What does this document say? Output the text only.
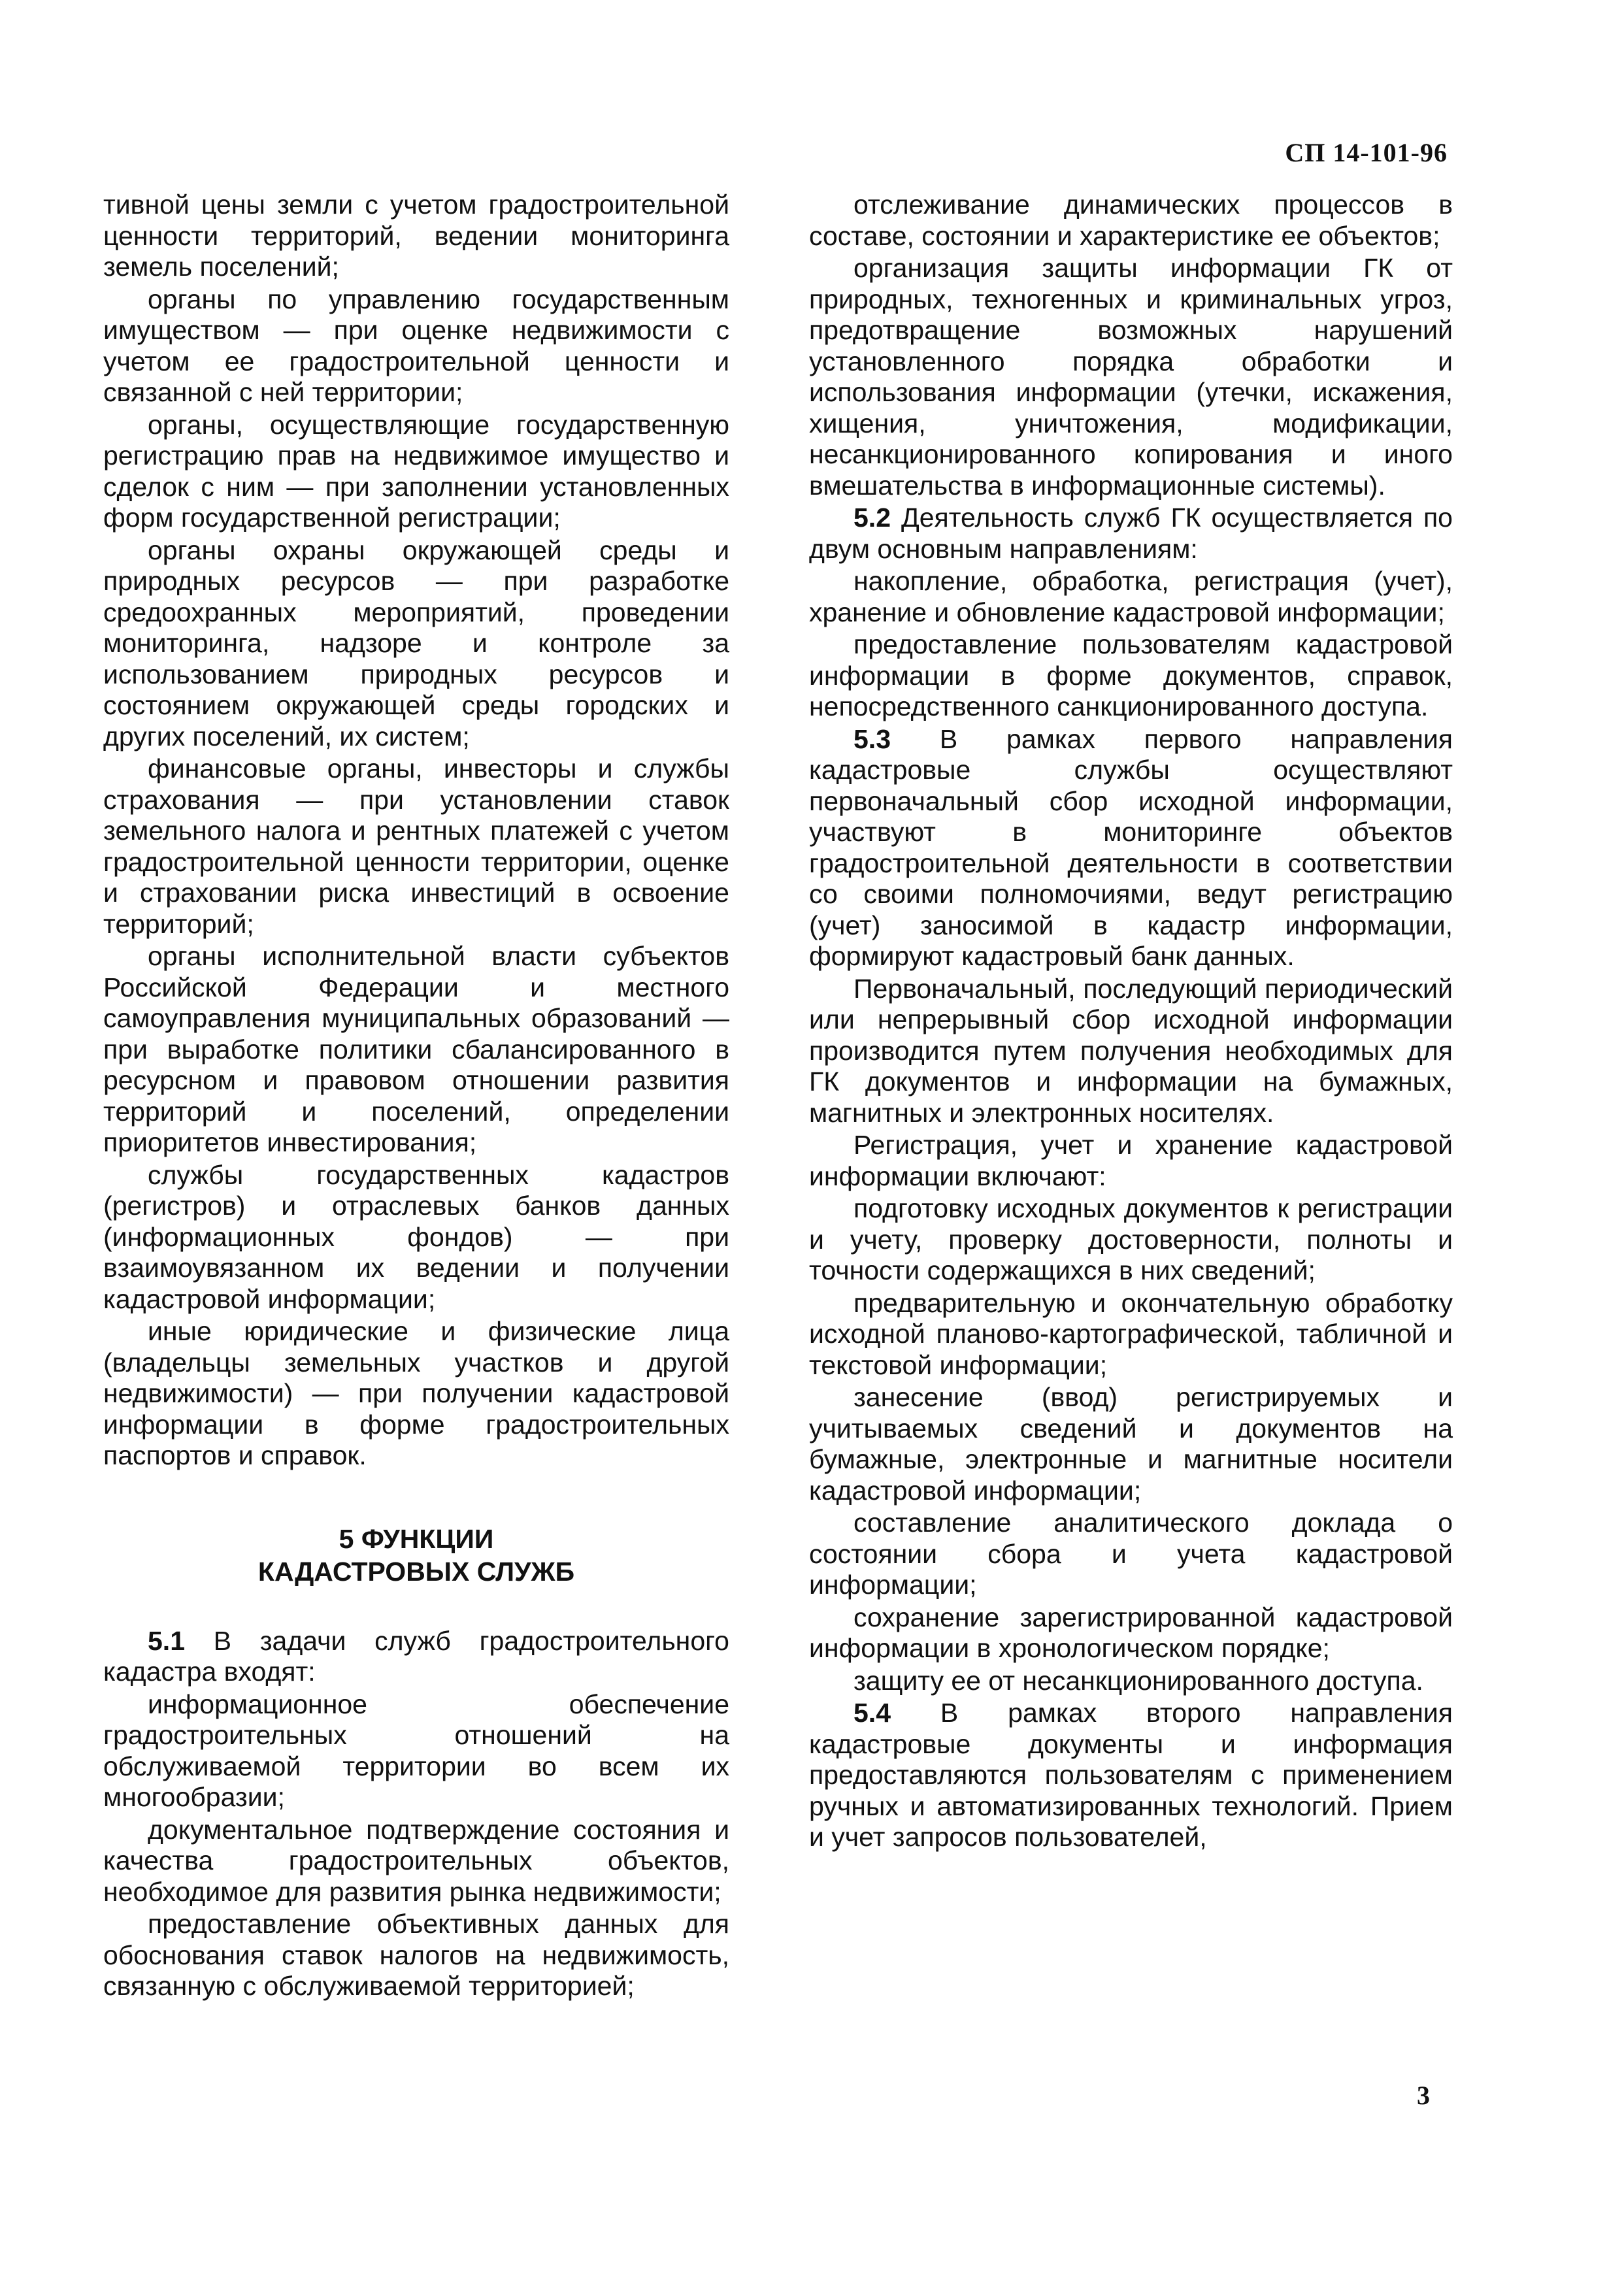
СП 14-101-96

тивной цены земли с учетом градостроительной ценности территорий, ведении мониторинга земель поселений;

органы по управлению государственным имуществом — при оценке недвижимости с учетом ее градостроительной ценности и связанной с ней территории;

органы, осуществляющие государственную регистрацию прав на недвижимое имущество и сделок с ним — при заполнении установленных форм государственной регистрации;

органы охраны окружающей среды и природных ресурсов — при разработке средоохранных мероприятий, проведении мониторинга, надзоре и контроле за использованием природных ресурсов и состоянием окружающей среды городских и других поселений, их систем;

финансовые органы, инвесторы и службы страхования — при установлении ставок земельного налога и рентных платежей с учетом градостроительной ценности территории, оценке и страховании риска инвестиций в освоение территорий;

органы исполнительной власти субъектов Российской Федерации и местного самоуправления муниципальных образований — при выработке политики сбалансированного в ресурсном и правовом отношении развития территорий и поселений, определении приоритетов инвестирования;

службы государственных кадастров (регистров) и отраслевых банков данных (информационных фондов) — при взаимоувязанном их ведении и получении кадастровой информации;

иные юридические и физические лица (владельцы земельных участков и другой недвижимости) — при получении кадастровой информации в форме градостроительных паспортов и справок.

5 ФУНКЦИИ
КАДАСТРОВЫХ СЛУЖБ

5.1 В задачи служб градостроительного кадастра входят:

информационное обеспечение градостроительных отношений на обслуживаемой территории во всем их многообразии;

документальное подтверждение состояния и качества градостроительных объектов, необходимое для развития рынка недвижимости;

предоставление объективных данных для обоснования ставок налогов на недвижимость, связанную с обслуживаемой территорией;

отслеживание динамических процессов в составе, состоянии и характеристике ее объектов;

организация защиты информации ГК от природных, техногенных и криминальных угроз, предотвращение возможных нарушений установленного порядка обработки и использования информации (утечки, искажения, хищения, уничтожения, модификации, несанкционированного копирования и иного вмешательства в информационные системы).

5.2 Деятельность служб ГК осуществляется по двум основным направлениям:

накопление, обработка, регистрация (учет), хранение и обновление кадастровой информации;

предоставление пользователям кадастровой информации в форме документов, справок, непосредственного санкционированного доступа.

5.3 В рамках первого направления кадастровые службы осуществляют первоначальный сбор исходной информации, участвуют в мониторинге объектов градостроительной деятельности в соответствии со своими полномочиями, ведут регистрацию (учет) заносимой в кадастр информации, формируют кадастровый банк данных.

Первоначальный, последующий периодический или непрерывный сбор исходной информации производится путем получения необходимых для ГК документов и информации на бумажных, магнитных и электронных носителях.

Регистрация, учет и хранение кадастровой информации включают:

подготовку исходных документов к регистрации и учету, проверку достоверности, полноты и точности содержащихся в них сведений;

предварительную и окончательную обработку исходной планово-картографической, табличной и текстовой информации;

занесение (ввод) регистрируемых и учитываемых сведений и документов на бумажные, электронные и магнитные носители кадастровой информации;

составление аналитического доклада о состоянии сбора и учета кадастровой информации;

сохранение зарегистрированной кадастровой информации в хронологическом порядке;

защиту ее от несанкционированного доступа.

5.4 В рамках второго направления кадастровые документы и информация предоставляются пользователям с применением ручных и автоматизированных технологий. Прием и учет запросов пользователей,

3
